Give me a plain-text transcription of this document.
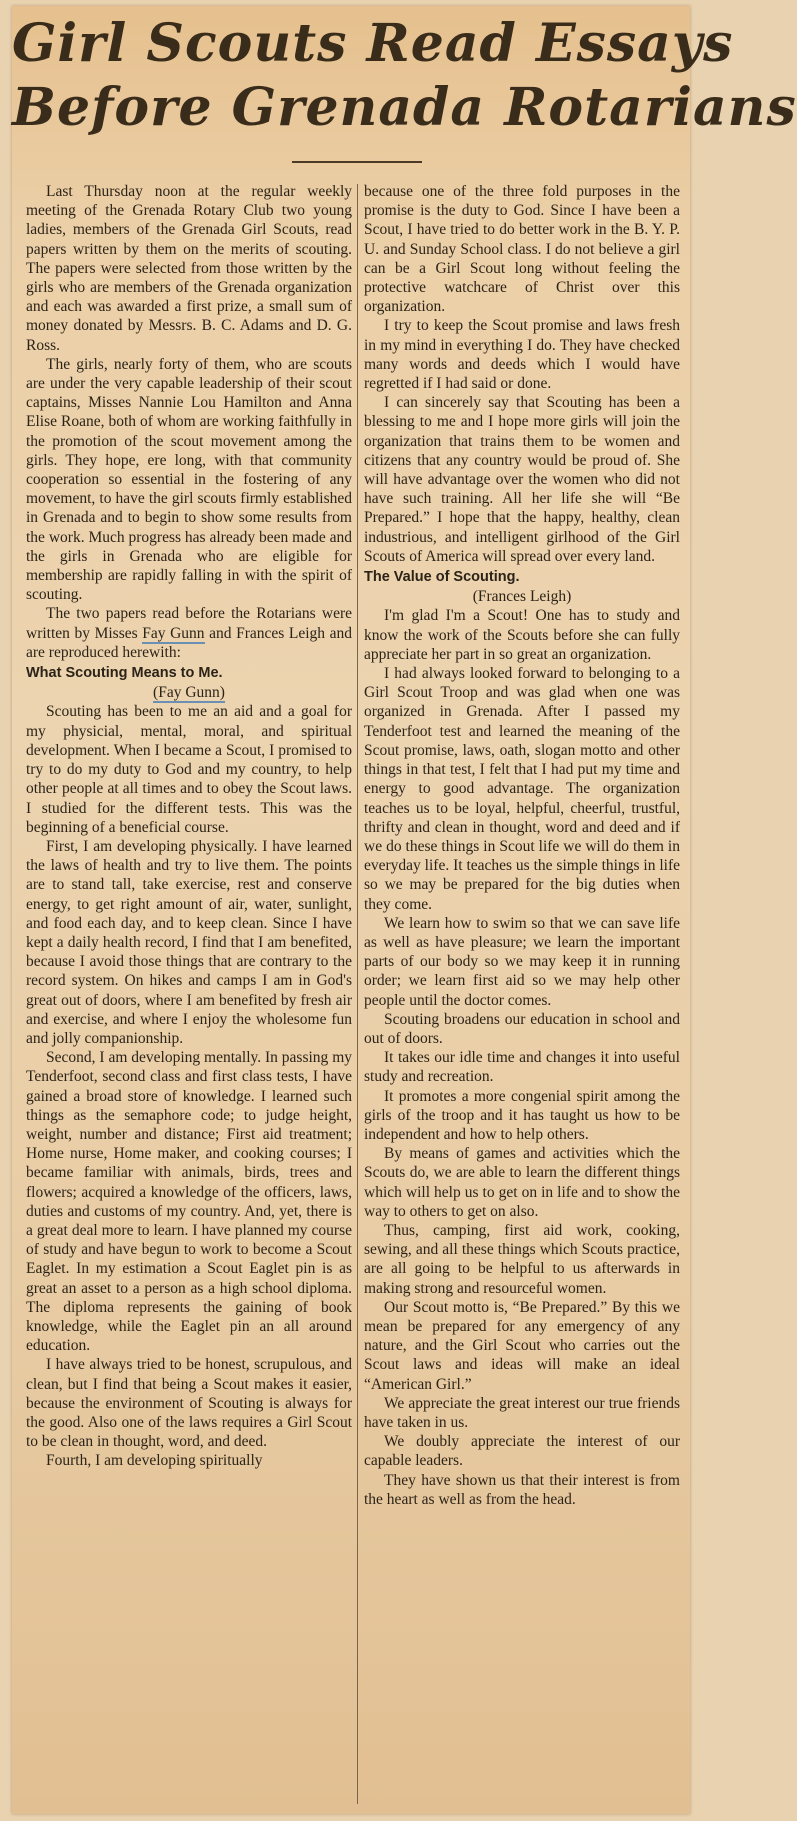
Girl Scouts Read Essays
Before Grenada Rotarians

Last Thursday noon at the regular weekly meeting of the Grenada Rotary Club two young ladies, members of the Grenada Girl Scouts, read papers written by them on the merits of scouting. The papers were selected from those written by the girls who are members of the Grenada organization and each was awarded a first prize, a small sum of money donated by Messrs. B. C. Adams and D. G. Ross.

The girls, nearly forty of them, who are scouts are under the very capable leadership of their scout captains, Misses Nannie Lou Hamilton and Anna Elise Roane, both of whom are working faithfully in the promotion of the scout movement among the girls. They hope, ere long, with that community cooperation so essential in the fostering of any movement, to have the girl scouts firmly established in Grenada and to begin to show some results from the work. Much progress has already been made and the girls in Grenada who are eligible for membership are rapidly falling in with the spirit of scouting.

The two papers read before the Rotarians were written by Misses Fay Gunn and Frances Leigh and are reproduced herewith:

What Scouting Means to Me.

(Fay Gunn)

Scouting has been to me an aid and a goal for my physicial, mental, moral, and spiritual development. When I became a Scout, I promised to try to do my duty to God and my country, to help other people at all times and to obey the Scout laws. I studied for the different tests. This was the beginning of a beneficial course.

First, I am developing physically. I have learned the laws of health and try to live them. The points are to stand tall, take exercise, rest and conserve energy, to get right amount of air, water, sunlight, and food each day, and to keep clean. Since I have kept a daily health record, I find that I am benefited, because I avoid those things that are contrary to the record system. On hikes and camps I am in God's great out of doors, where I am benefited by fresh air and exercise, and where I enjoy the wholesome fun and jolly companionship.

Second, I am developing mentally. In passing my Tenderfoot, second class and first class tests, I have gained a broad store of knowledge. I learned such things as the semaphore code; to judge height, weight, number and distance; First aid treatment; Home nurse, Home maker, and cooking courses; I became familiar with animals, birds, trees and flowers; acquired a knowledge of the officers, laws, duties and customs of my country. And, yet, there is a great deal more to learn. I have planned my course of study and have begun to work to become a Scout Eaglet. In my estimation a Scout Eaglet pin is as great an asset to a person as a high school diploma. The diploma represents the gaining of book knowledge, while the Eaglet pin an all around education.

I have always tried to be honest, scrupulous, and clean, but I find that being a Scout makes it easier, because the environment of Scouting is always for the good. Also one of the laws requires a Girl Scout to be clean in thought, word, and deed.

Fourth, I am developing spiritually

because one of the three fold purposes in the promise is the duty to God. Since I have been a Scout, I have tried to do better work in the B. Y. P. U. and Sunday School class. I do not believe a girl can be a Girl Scout long without feeling the protective watchcare of Christ over this organization.

I try to keep the Scout promise and laws fresh in my mind in everything I do. They have checked many words and deeds which I would have regretted if I had said or done.

I can sincerely say that Scouting has been a blessing to me and I hope more girls will join the organization that trains them to be women and citizens that any country would be proud of. She will have advantage over the women who did not have such training. All her life she will “Be Prepared.” I hope that the happy, healthy, clean industrious, and intelligent girlhood of the Girl Scouts of America will spread over every land.

The Value of Scouting.

(Frances Leigh)

I'm glad I'm a Scout! One has to study and know the work of the Scouts before she can fully appreciate her part in so great an organization.

I had always looked forward to belonging to a Girl Scout Troop and was glad when one was organized in Grenada. After I passed my Tenderfoot test and learned the meaning of the Scout promise, laws, oath, slogan motto and other things in that test, I felt that I had put my time and energy to good advantage. The organization teaches us to be loyal, helpful, cheerful, trustful, thrifty and clean in thought, word and deed and if we do these things in Scout life we will do them in everyday life. It teaches us the simple things in life so we may be prepared for the big duties when they come.

We learn how to swim so that we can save life as well as have pleasure; we learn the important parts of our body so we may keep it in running order; we learn first aid so we may help other people until the doctor comes.

Scouting broadens our education in school and out of doors.

It takes our idle time and changes it into useful study and recreation.

It promotes a more congenial spirit among the girls of the troop and it has taught us how to be independent and how to help others.

By means of games and activities which the Scouts do, we are able to learn the different things which will help us to get on in life and to show the way to others to get on also.

Thus, camping, first aid work, cooking, sewing, and all these things which Scouts practice, are all going to be helpful to us afterwards in making strong and resourceful women.

Our Scout motto is, “Be Prepared.” By this we mean be prepared for any emergency of any nature, and the Girl Scout who carries out the Scout laws and ideas will make an ideal “American Girl.”

We appreciate the great interest our true friends have taken in us.

We doubly appreciate the interest of our capable leaders.

They have shown us that their interest is from the heart as well as from the head.
